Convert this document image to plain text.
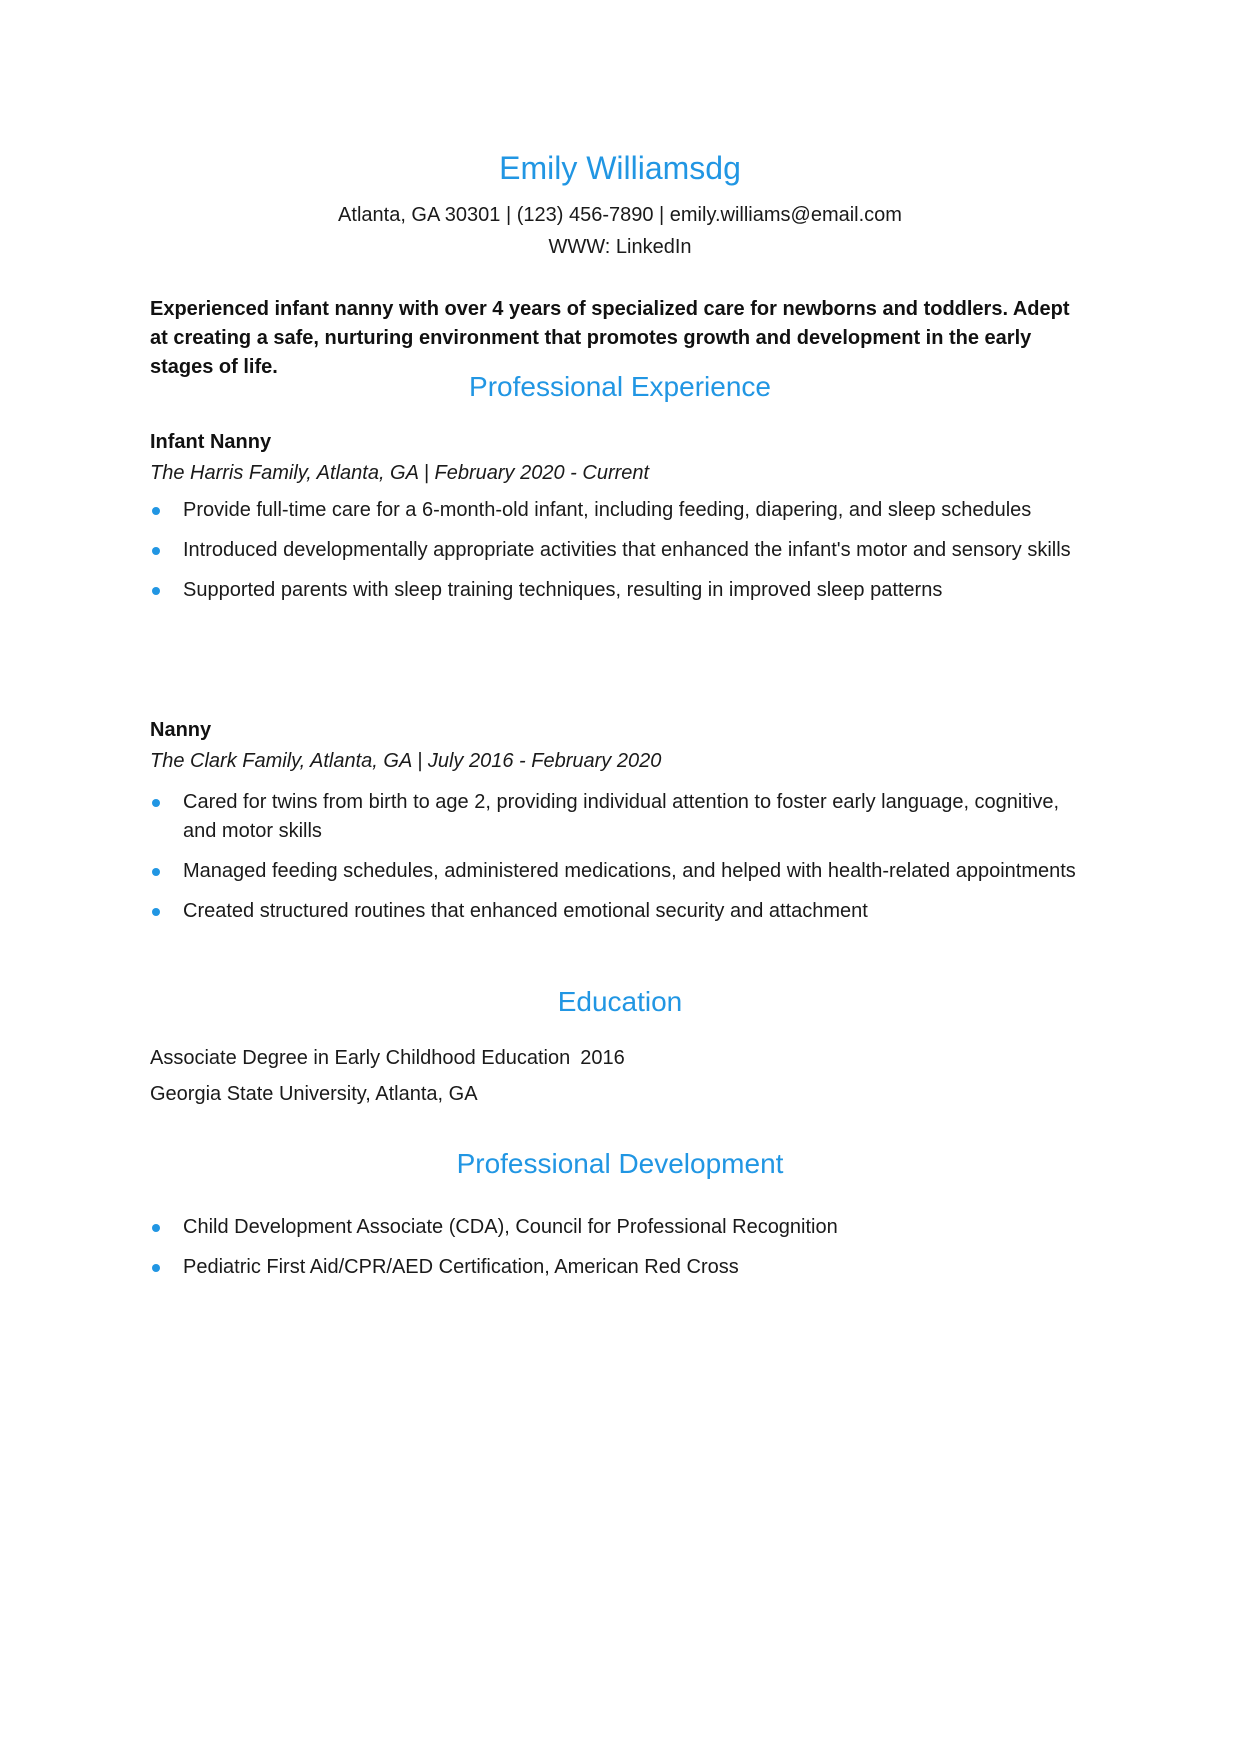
Emily Williamsdg
Atlanta, GA 30301 | (123) 456-7890 | emily.williams@email.com
WWW: LinkedIn
Experienced infant nanny with over 4 years of specialized care for newborns and toddlers. Adept at creating a safe, nurturing environment that promotes growth and development in the early stages of life.
Professional Experience
Infant Nanny
The Harris Family, Atlanta, GA | February 2020 - Current
Provide full-time care for a 6-month-old infant, including feeding, diapering, and sleep schedules
Introduced developmentally appropriate activities that enhanced the infant's motor and sensory skills
Supported parents with sleep training techniques, resulting in improved sleep patterns
Nanny
The Clark Family, Atlanta, GA | July 2016 - February 2020
Cared for twins from birth to age 2, providing individual attention to foster early language, cognitive, and motor skills
Managed feeding schedules, administered medications, and helped with health-related appointments
Created structured routines that enhanced emotional security and attachment
Education
Associate Degree in Early Childhood Education 2016
Georgia State University, Atlanta, GA
Professional Development
Child Development Associate (CDA), Council for Professional Recognition
Pediatric First Aid/CPR/AED Certification, American Red Cross
